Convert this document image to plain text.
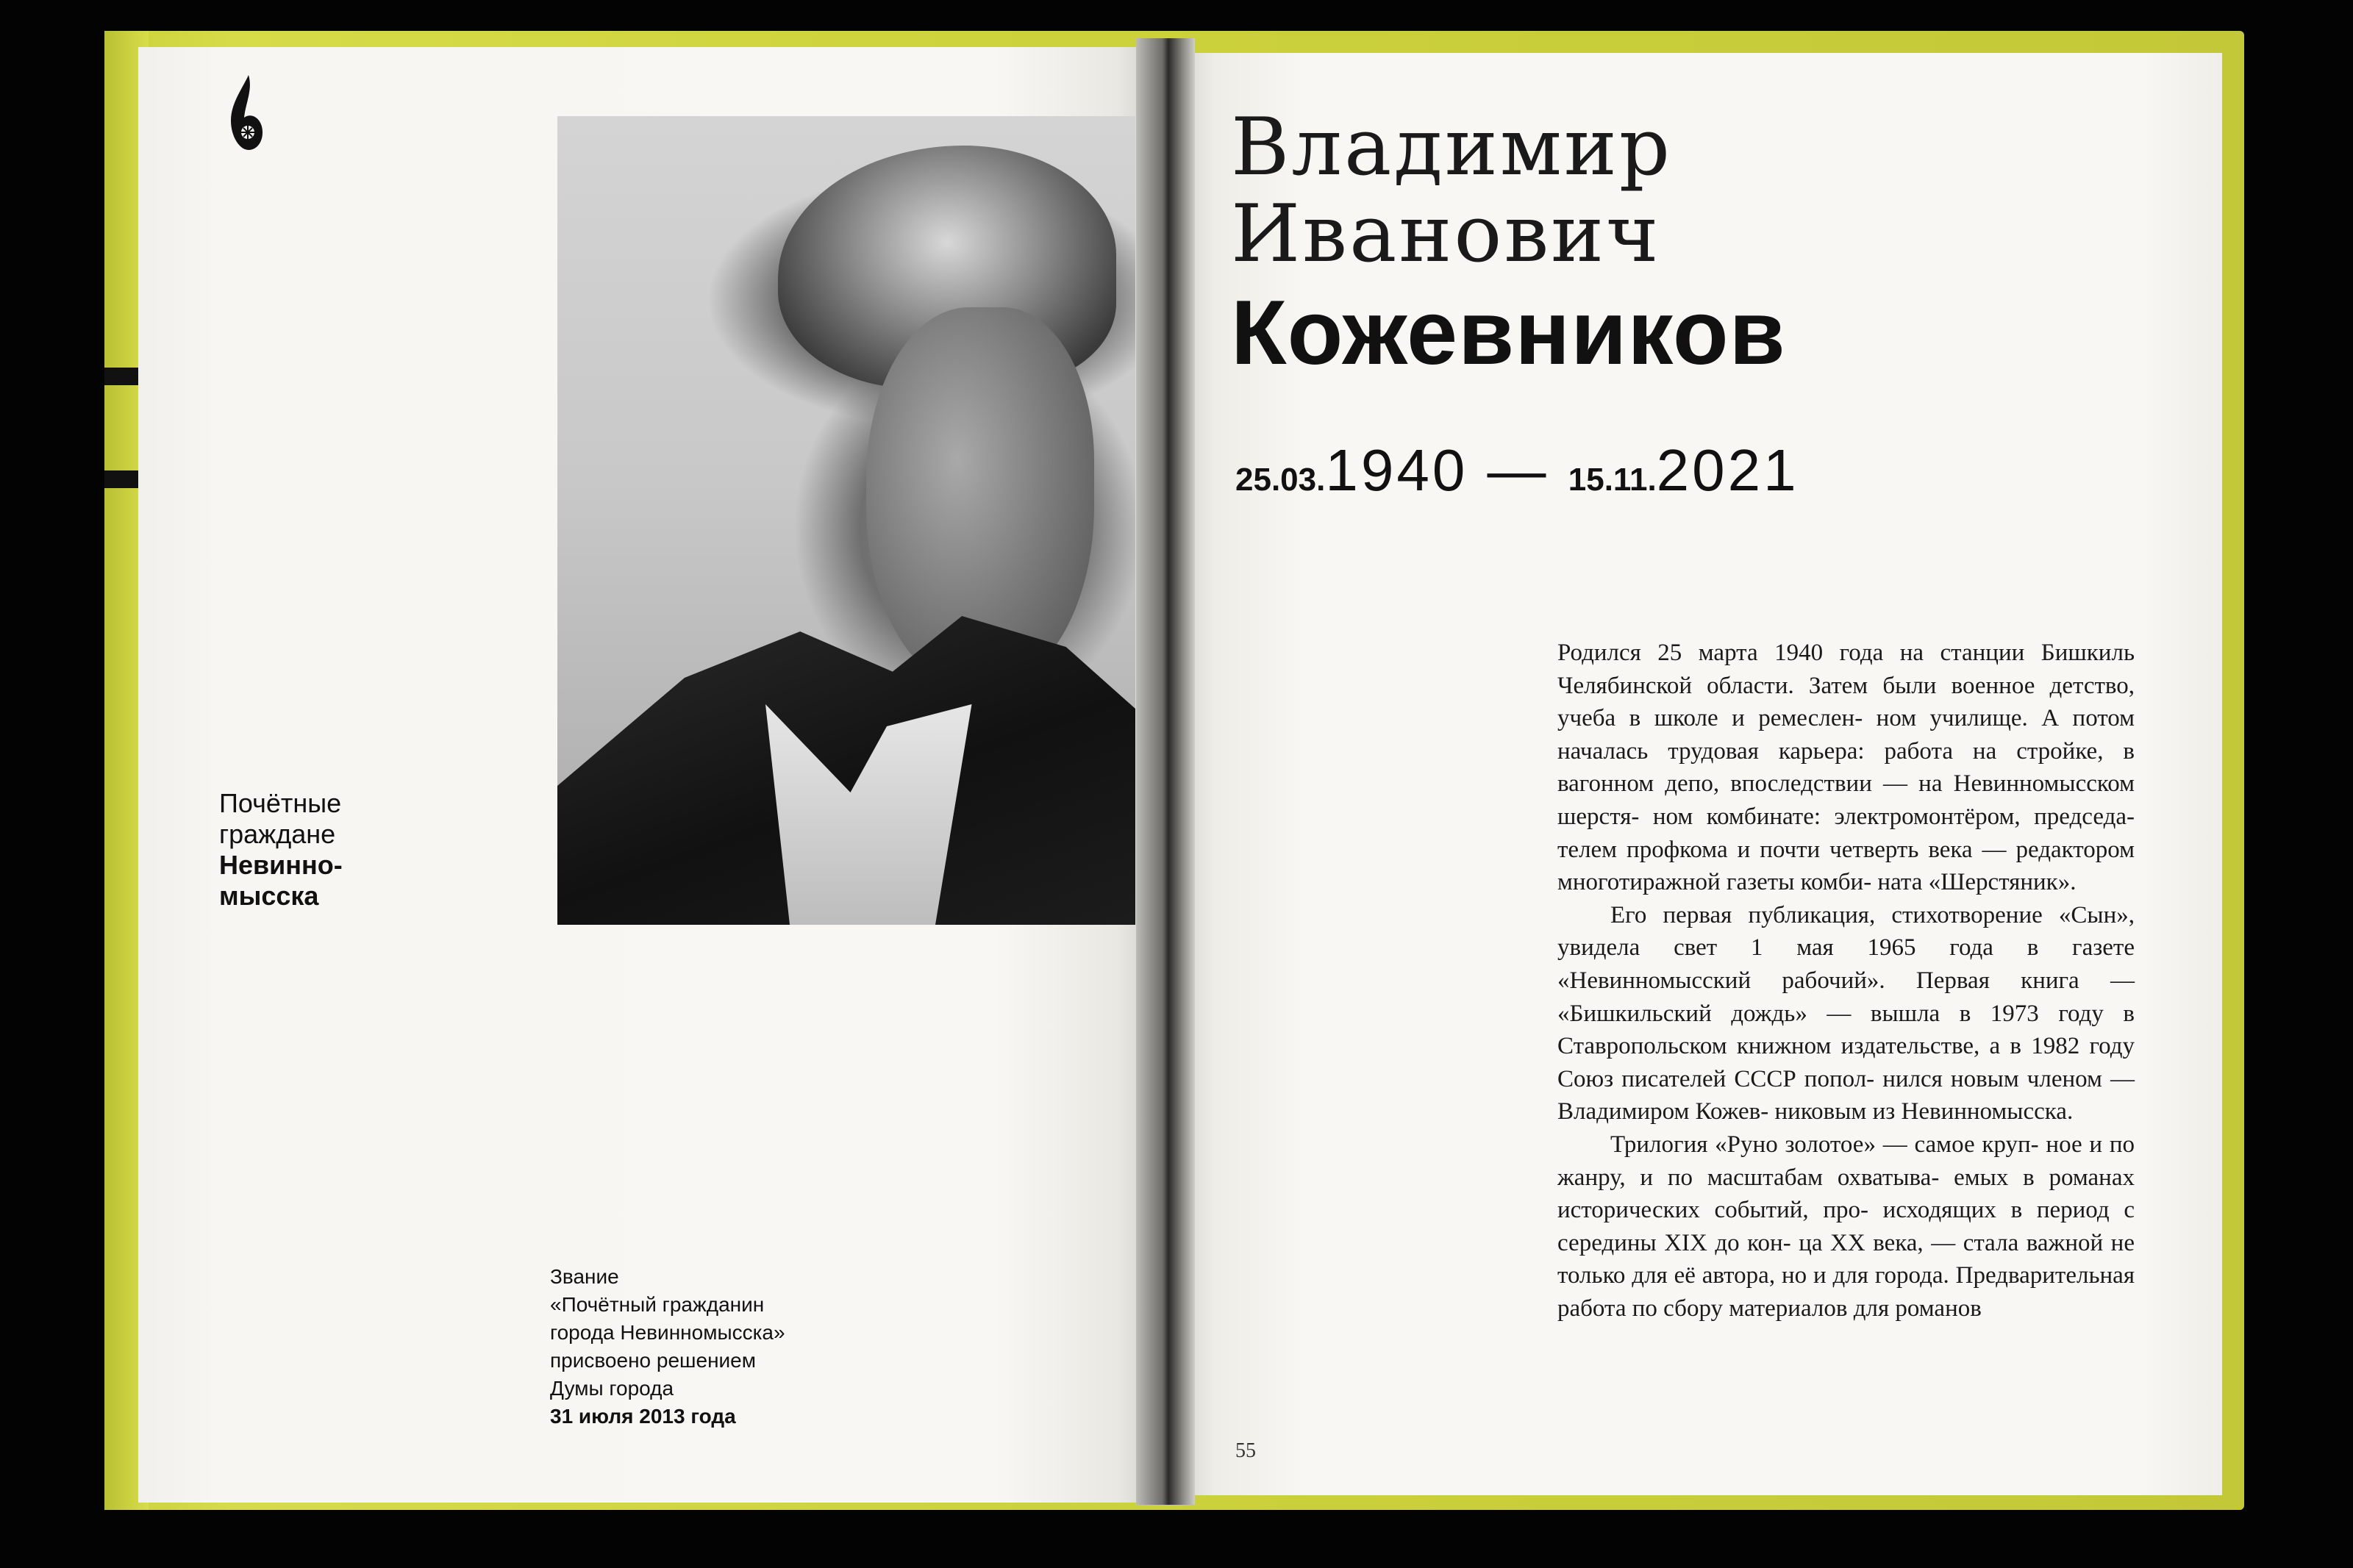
Почётные
граждане
Невинно-
мысска
Звание
«Почётный гражданин
города Невинномысска»
присвоено решением
Думы города
31 июля 2013 года
Владимир
Иванович
Кожевников
25.03.1940 — 15.11.2021

Родился 25 марта 1940 года на станции Бишкиль Челябинской области. Затем были военное детство, учеба в школе и ремеслен- ном училище. А потом началась трудовая карьера: работа на стройке, в вагонном депо, впоследствии — на Невинномысском шерстя- ном комбинате: электромонтёром, председа- телем профкома и почти четверть века — редактором многотиражной газеты комби- ната «Шерстяник».

Его первая публикация, стихотворение «Сын», увидела свет 1 мая 1965 года в газете «Невинномысский рабочий». Первая книга — «Бишкильский дождь» — вышла в 1973 году в Ставропольском книжном издательстве, а в 1982 году Союз писателей СССР попол- нился новым членом — Владимиром Кожев- никовым из Невинномысска.

Трилогия «Руно золотое» — самое круп- ное и по жанру, и по масштабам охватыва- емых в романах исторических событий, про- исходящих в период с середины XIX до кон- ца XX века, — стала важной не только для её автора, но и для города. Предварительная работа по сбору материалов для романов

55
